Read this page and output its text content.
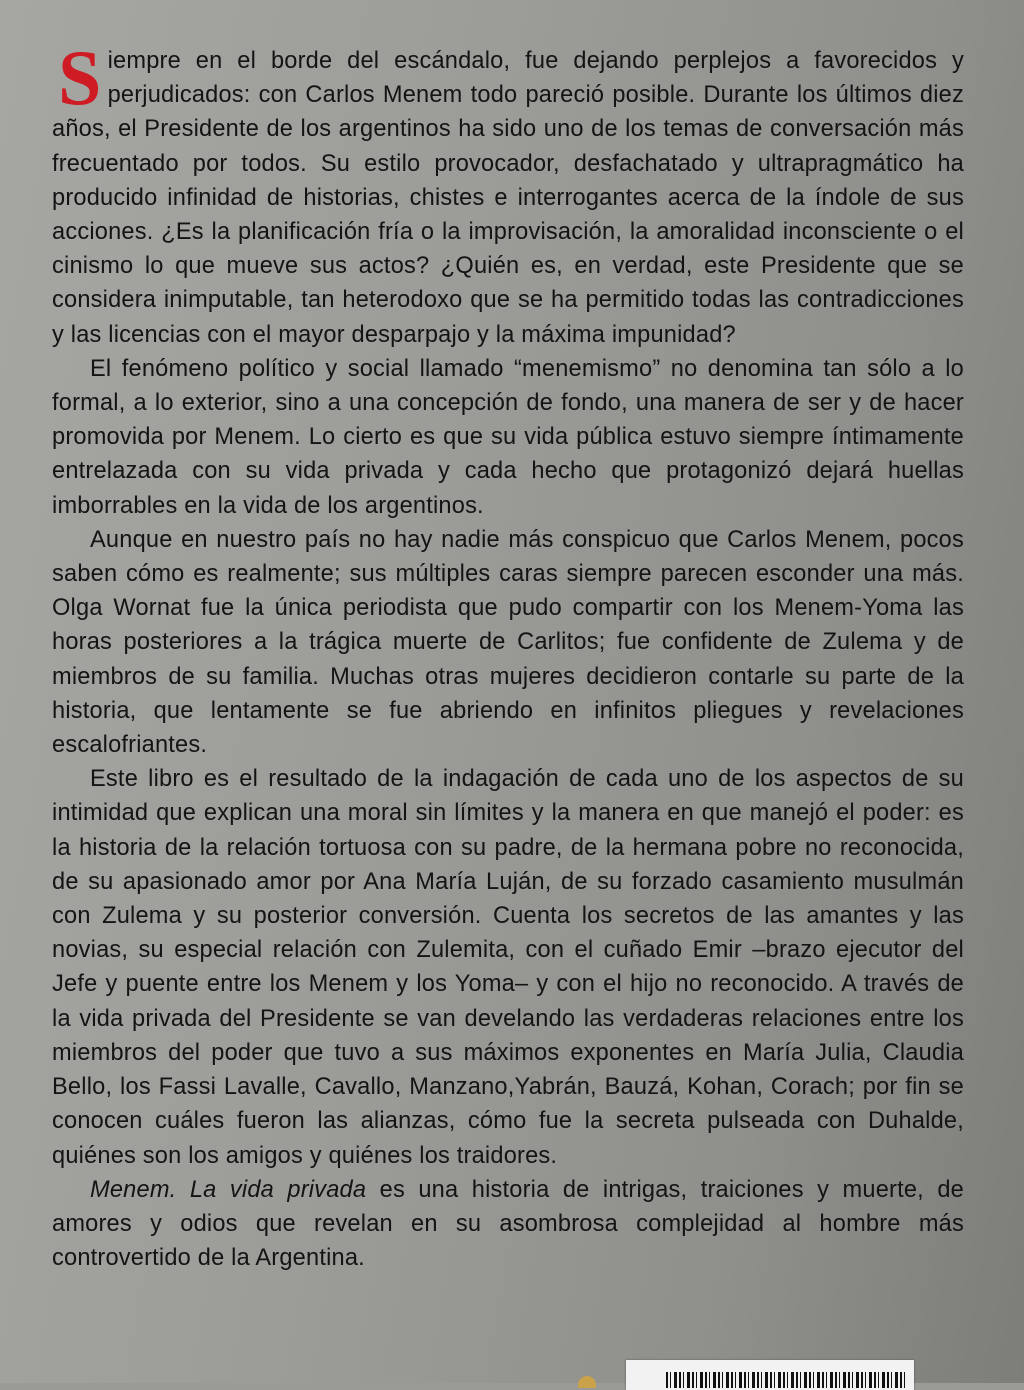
Siempre en el borde del escándalo, fue dejando perplejos a favorecidos y perjudicados: con Carlos Menem todo pareció posible. Durante los últimos diez años, el Presidente de los argentinos ha sido uno de los temas de conversación más frecuentado por todos. Su estilo provocador, desfachatado y ultrapragmático ha producido infinidad de historias, chistes e interrogantes acerca de la índole de sus acciones. ¿Es la planificación fría o la improvisación, la amoralidad inconsciente o el cinismo lo que mueve sus actos? ¿Quién es, en verdad, este Presidente que se considera inimputable, tan heterodoxo que se ha permitido todas las contradicciones y las licencias con el mayor desparpajo y la máxima impunidad?

El fenómeno político y social llamado “menemismo” no denomina tan sólo a lo formal, a lo exterior, sino a una concepción de fondo, una manera de ser y de hacer promovida por Menem. Lo cierto es que su vida pública estuvo siempre íntimamente entrelazada con su vida privada y cada hecho que protagonizó dejará huellas imborrables en la vida de los argentinos.

Aunque en nuestro país no hay nadie más conspicuo que Carlos Menem, pocos saben cómo es realmente; sus múltiples caras siempre parecen esconder una más. Olga Wornat fue la única periodista que pudo compartir con los Menem-Yoma las horas posteriores a la trágica muerte de Carlitos; fue confidente de Zulema y de miembros de su familia. Muchas otras mujeres decidieron contarle su parte de la historia, que lentamente se fue abriendo en infinitos pliegues y revelaciones escalofriantes.

Este libro es el resultado de la indagación de cada uno de los aspectos de su intimidad que explican una moral sin límites y la manera en que manejó el poder: es la historia de la relación tortuosa con su padre, de la hermana pobre no reconocida, de su apasionado amor por Ana María Luján, de su forzado casamiento musulmán con Zulema y su posterior conversión. Cuenta los secretos de las amantes y las novias, su especial relación con Zulemita, con el cuñado Emir –brazo ejecutor del Jefe y puente entre los Menem y los Yoma– y con el hijo no reconocido. A través de la vida privada del Presidente se van develando las verdaderas relaciones entre los miembros del poder que tuvo a sus máximos exponentes en María Julia, Claudia Bello, los Fassi Lavalle, Cavallo, Manzano,Yabrán, Bauzá, Kohan, Corach; por fin se conocen cuáles fueron las alianzas, cómo fue la secreta pulseada con Duhalde, quiénes son los amigos y quiénes los traidores.

Menem. La vida privada es una historia de intrigas, traiciones y muerte, de amores y odios que revelan en su asombrosa complejidad al hombre más controvertido de la Argentina.
